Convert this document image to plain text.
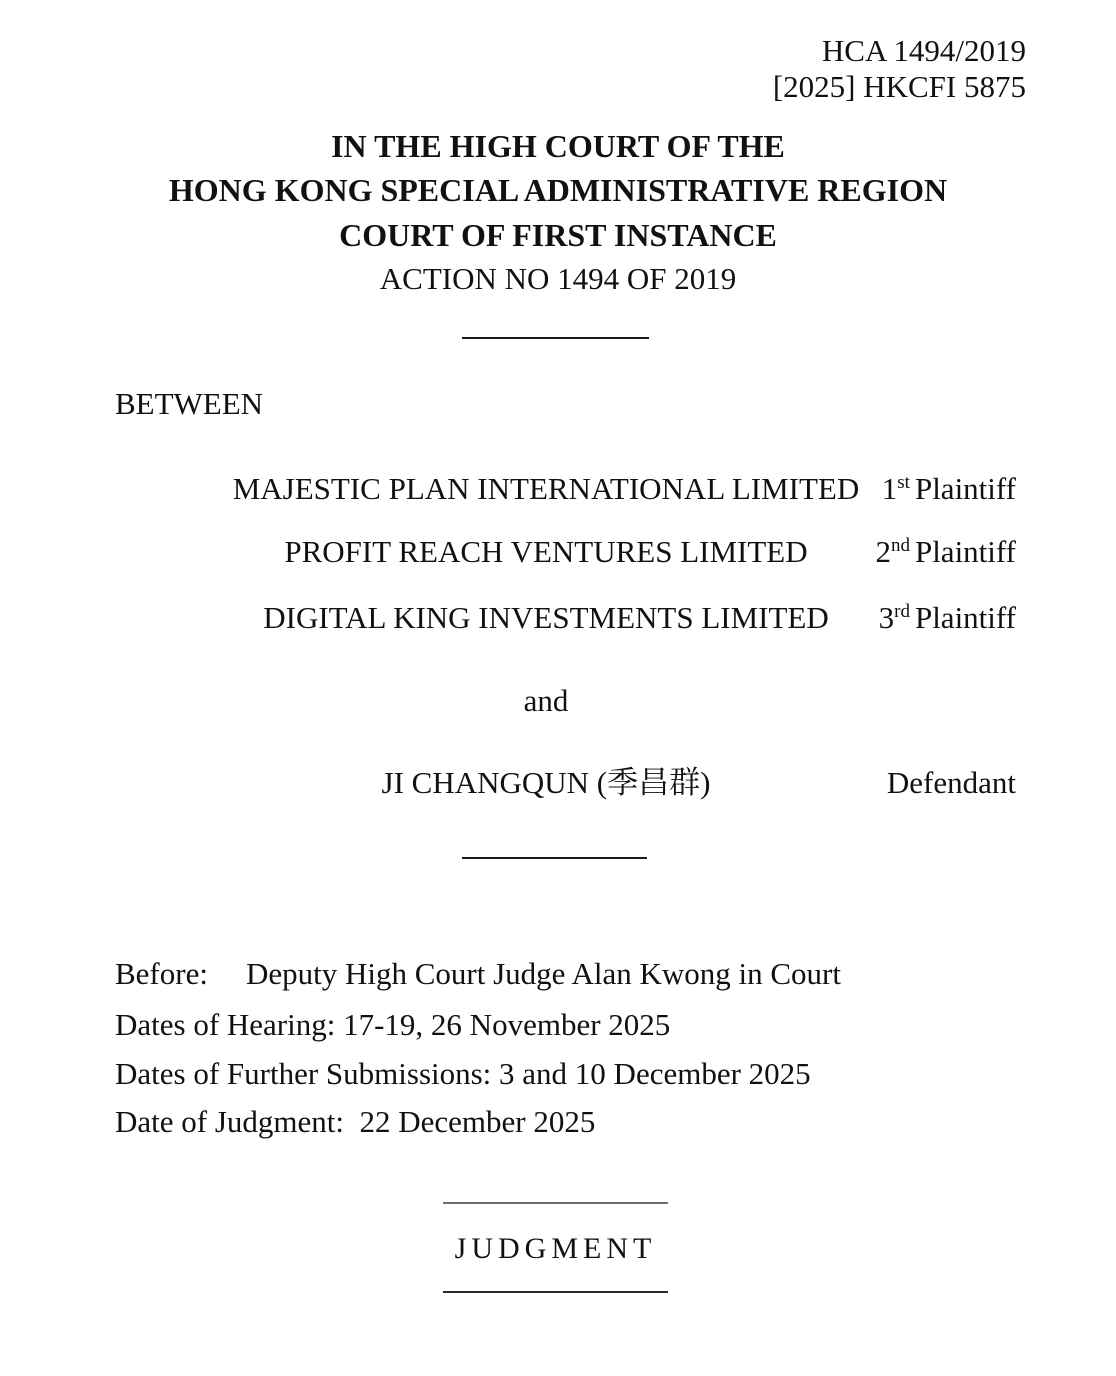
HCA 1494/2019
[2025] HKCFI 5875
IN THE HIGH COURT OF THE
HONG KONG SPECIAL ADMINISTRATIVE REGION
COURT OF FIRST INSTANCE
ACTION NO 1494 OF 2019
BETWEEN
MAJESTIC PLAN INTERNATIONAL LIMITED 1st Plaintiff
PROFIT REACH VENTURES LIMITED	2nd Plaintiff
DIGITAL KING INVESTMENTS LIMITED	3rd Plaintiff
and
JI CHANGQUN (季昌群)	Defendant
Before: Deputy High Court Judge Alan Kwong in Court
Dates of Hearing: 17-19, 26 November 2025
Dates of Further Submissions: 3 and 10 December 2025
Date of Judgment:  22 December 2025
JUDGMENT
